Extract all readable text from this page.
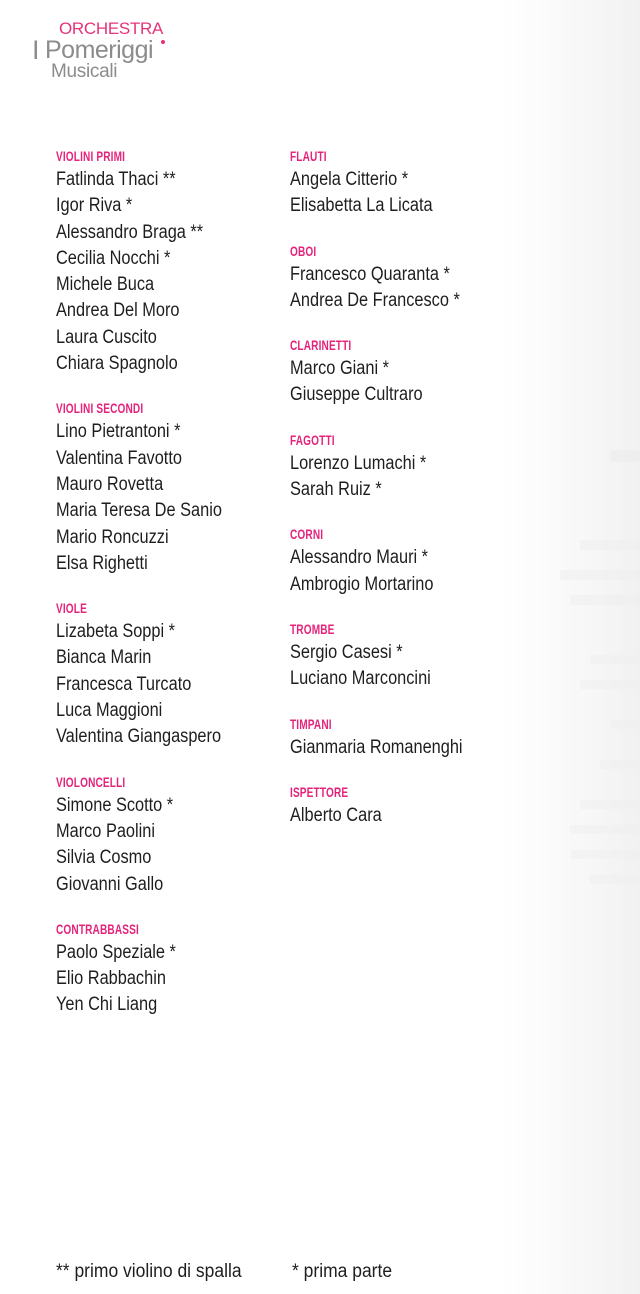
ORCHESTRA
I Pomeriggi
Musicali
VIOLINI PRIMI
Fatlinda Thaci **
Igor Riva *
Alessandro Braga **
Cecilia Nocchi *
Michele Buca
Andrea Del Moro
Laura Cuscito
Chiara Spagnolo
VIOLINI SECONDI
Lino Pietrantoni *
Valentina Favotto
Mauro Rovetta
Maria Teresa De Sanio
Mario Roncuzzi
Elsa Righetti
VIOLE
Lizabeta Soppi *
Bianca Marin
Francesca Turcato
Luca Maggioni
Valentina Giangaspero
VIOLONCELLI
Simone Scotto *
Marco Paolini
Silvia Cosmo
Giovanni Gallo
CONTRABBASSI
Paolo Speziale *
Elio Rabbachin
Yen Chi Liang
FLAUTI
Angela Citterio *
Elisabetta La Licata
OBOI
Francesco Quaranta *
Andrea De Francesco *
CLARINETTI
Marco Giani *
Giuseppe Cultraro
FAGOTTI
Lorenzo Lumachi *
Sarah Ruiz *
CORNI
Alessandro Mauri *
Ambrogio Mortarino
TROMBE
Sergio Casesi *
Luciano Marconcini
TIMPANI
Gianmaria Romanenghi
ISPETTORE
Alberto Cara
** primo violino di spalla	* prima parte
